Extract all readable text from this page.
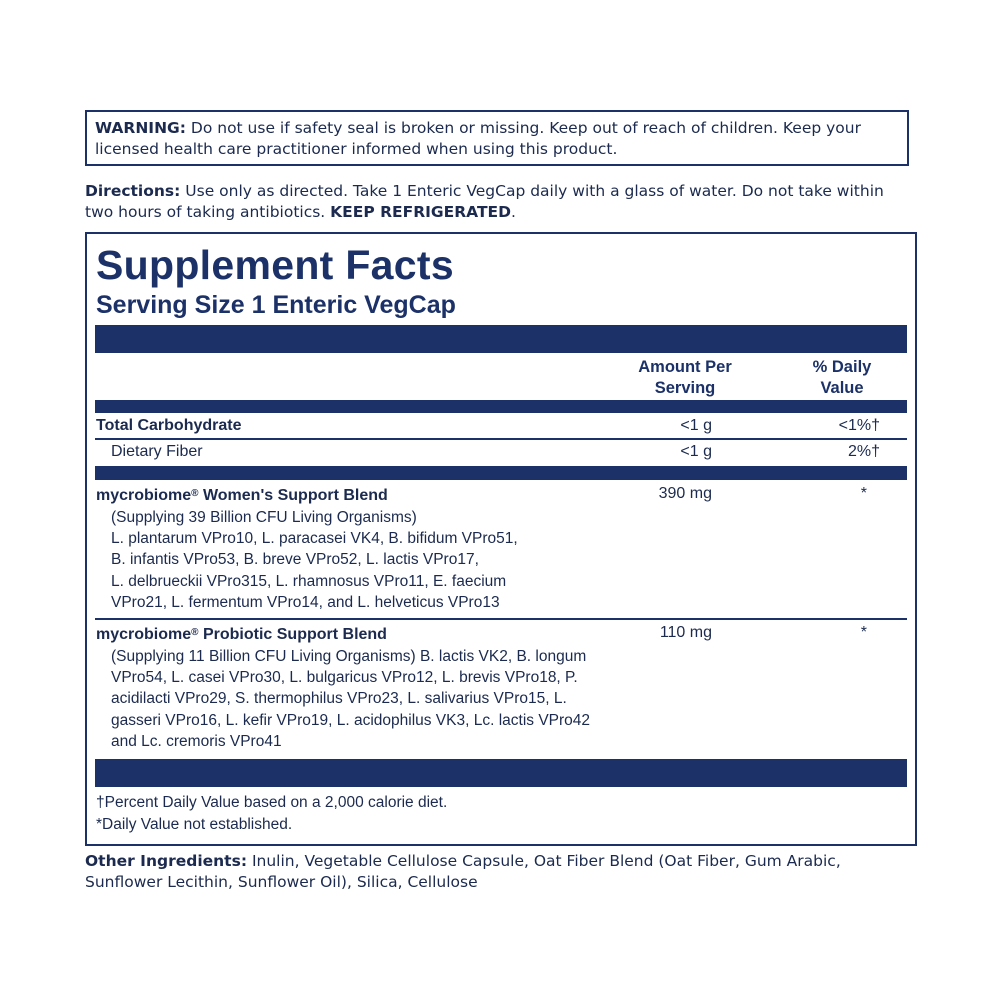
WARNING: Do not use if safety seal is broken or missing. Keep out of reach of children. Keep your licensed health care practitioner informed when using this product.
Directions: Use only as directed. Take 1 Enteric VegCap daily with a glass of water. Do not take within two hours of taking antibiotics. KEEP REFRIGERATED.
Supplement Facts
Serving Size 1 Enteric VegCap
Amount Per
Serving
% Daily
Value
Total Carbohydrate	<1 g	<1%†
Dietary Fiber	<1 g	2%†
mycrobiome® Women's Support Blend	390 mg	*
(Supplying 39 Billion CFU Living Organisms)
L. plantarum VPro10, L. paracasei VK4, B. bifidum VPro51,
B. infantis VPro53, B. breve VPro52, L. lactis VPro17,
L. delbrueckii VPro315, L. rhamnosus VPro11, E. faecium
VPro21, L. fermentum VPro14, and L. helveticus VPro13
mycrobiome® Probiotic Support Blend	110 mg	*
(Supplying 11 Billion CFU Living Organisms) B. lactis VK2, B. longum
VPro54, L. casei VPro30, L. bulgaricus VPro12, L. brevis VPro18, P.
acidilacti VPro29, S. thermophilus VPro23, L. salivarius VPro15, L.
gasseri VPro16, L. kefir VPro19, L. acidophilus VK3, Lc. lactis VPro42
and Lc. cremoris VPro41
†Percent Daily Value based on a 2,000 calorie diet.
*Daily Value not established.
Other Ingredients: Inulin, Vegetable Cellulose Capsule, Oat Fiber Blend (Oat Fiber, Gum Arabic, Sunflower Lecithin, Sunflower Oil), Silica, Cellulose
